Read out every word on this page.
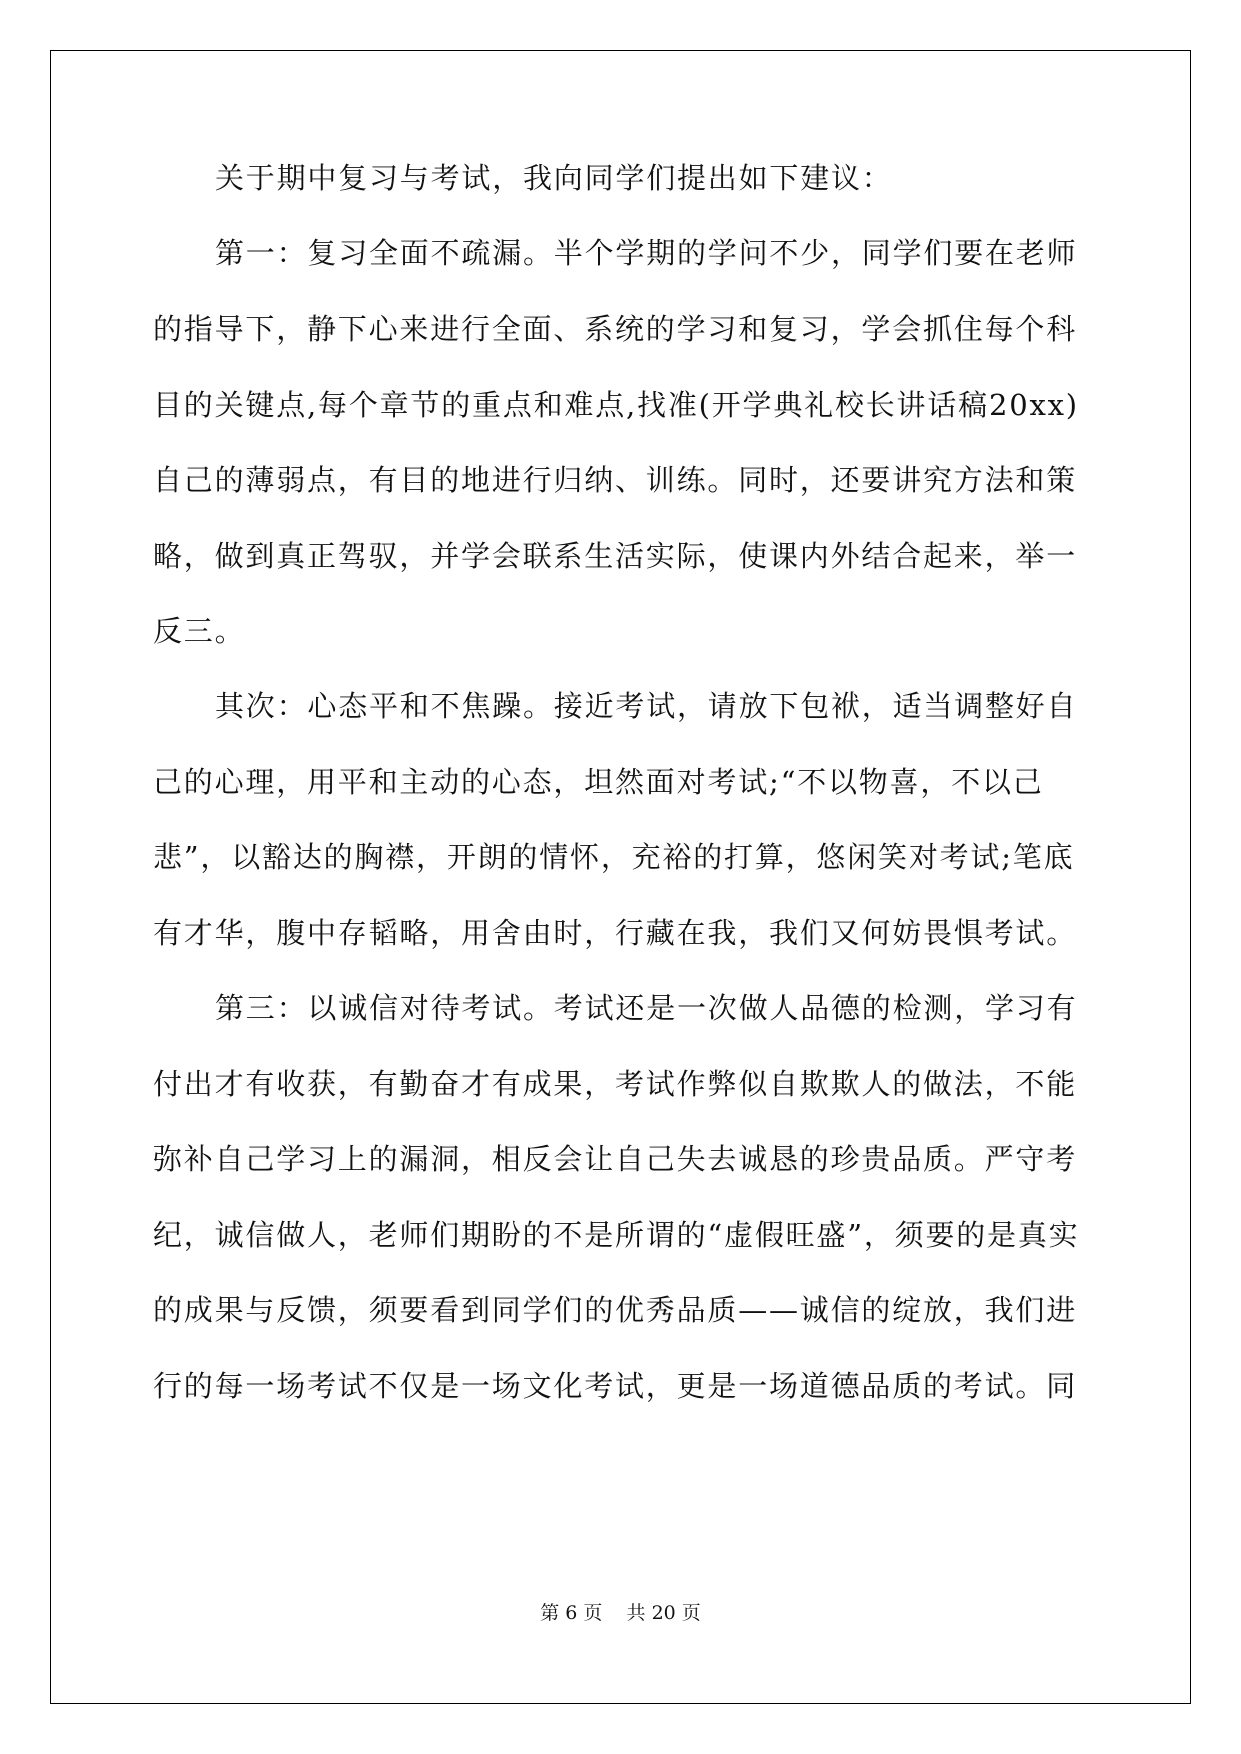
关于期中复习与考试，我向同学们提出如下建议：

第一：复习全面不疏漏。半个学期的学问不少，同学们要在老师

的指导下，静下心来进行全面、系统的学习和复习，学会抓住每个科

目的关键点,每个章节的重点和难点,找准(开学典礼校长讲话稿20xx)

自己的薄弱点，有目的地进行归纳、训练。同时，还要讲究方法和策

略，做到真正驾驭，并学会联系生活实际，使课内外结合起来，举一

反三。

其次：心态平和不焦躁。接近考试，请放下包袱，适当调整好自

己的心理，用平和主动的心态，坦然面对考试;“不以物喜，不以己

悲”，以豁达的胸襟，开朗的情怀，充裕的打算，悠闲笑对考试;笔底

有才华，腹中存韬略，用舍由时，行藏在我，我们又何妨畏惧考试。

第三：以诚信对待考试。考试还是一次做人品德的检测，学习有

付出才有收获，有勤奋才有成果，考试作弊似自欺欺人的做法，不能

弥补自己学习上的漏洞，相反会让自己失去诚恳的珍贵品质。严守考

纪，诚信做人，老师们期盼的不是所谓的“虚假旺盛”，须要的是真实

的成果与反馈，须要看到同学们的优秀品质——诚信的绽放，我们进

行的每一场考试不仅是一场文化考试，更是一场道德品质的考试。同

第 6 页    共 20 页
